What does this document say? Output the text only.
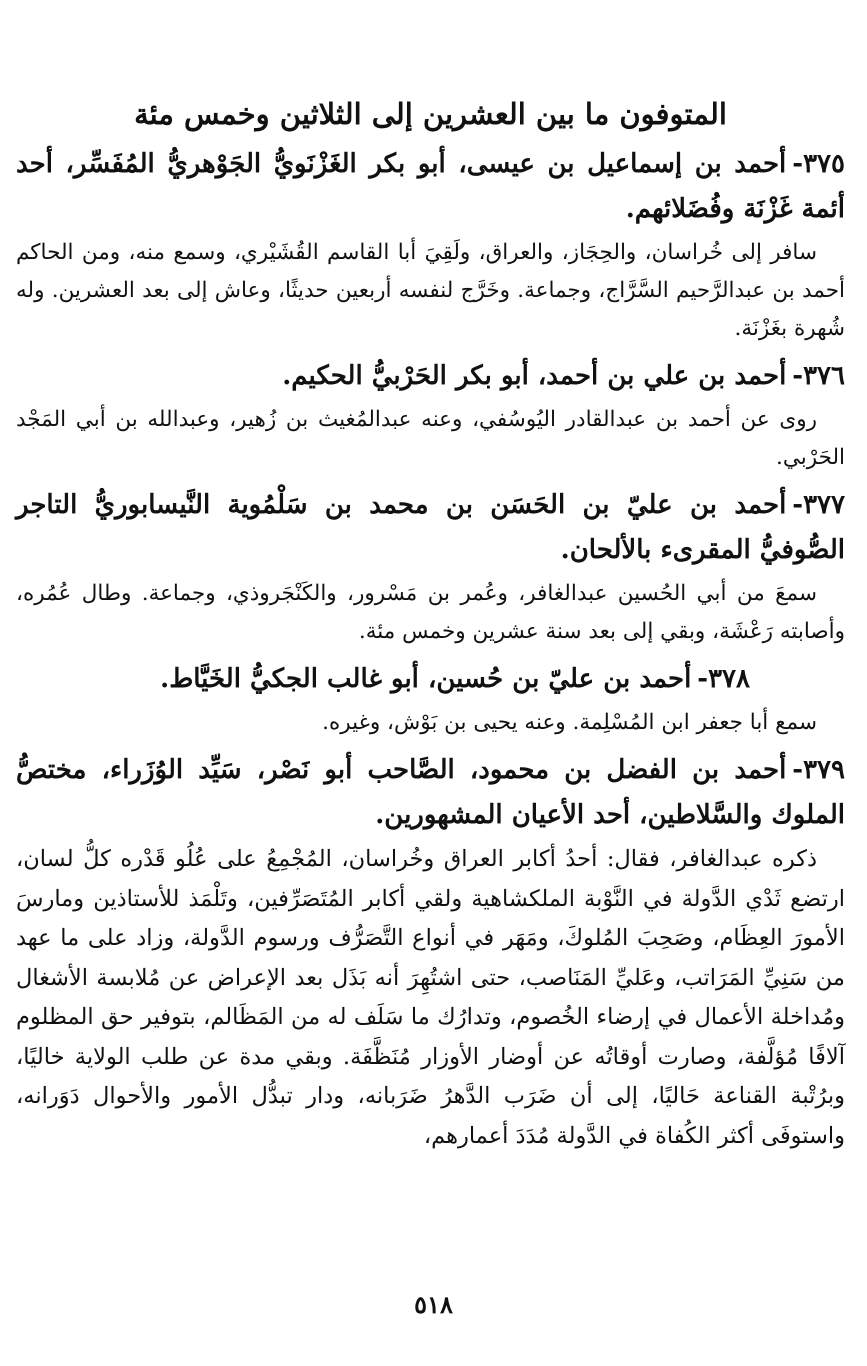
المتوفون ما بين العشرين إلى الثلاثين وخمس مئة

٣٧٥-أحمد بن إسماعيل بن عيسى، أبو بكر الغَزْنَويُّ الجَوْهريُّ المُفَسِّر، أحد أئمة غَزْنَة وفُضَلائهم.

سافر إلى خُراسان، والحِجَاز، والعراق، ولَقِيَ أبا القاسم القُشَيْري، وسمع منه، ومن الحاكم أحمد بن عبدالرَّحيم السَّرَّاج، وجماعة. وخَرَّج لنفسه أربعين حديثًا، وعاش إلى بعد العشرين. وله شُهرة بغَزْنَة.

٣٧٦-أحمد بن علي بن أحمد، أبو بكر الحَرْبيُّ الحكيم.

روى عن أحمد بن عبدالقادر اليُوسُفي، وعنه عبدالمُغيث بن زُهير، وعبدالله بن أبي المَجْد الحَرْبي.

٣٧٧-أحمد بن عليّ بن الحَسَن بن محمد بن سَلْمُوية النَّيسابوريُّ التاجر الصُّوفيُّ المقرىء بالألحان.

سمعَ من أبي الحُسين عبدالغافر، وعُمر بن مَسْرور، والكَنْجَروذي، وجماعة. وطال عُمُره، وأصابته رَعْشَة، وبقي إلى بعد سنة عشرين وخمس مئة.

٣٧٨-أحمد بن عليّ بن حُسين، أبو غالب الجكيُّ الخَيَّاط.

سمع أبا جعفر ابن المُسْلِمة. وعنه يحيى بن بَوْش، وغيره.

٣٧٩-أحمد بن الفضل بن محمود، الصَّاحب أبو نَصْر، سَيِّد الوُزَراء، مختصُّ الملوك والسَّلاطين، أحد الأعيان المشهورين.

ذكره عبدالغافر، فقال: أحدُ أكابر العراق وخُراسان، المُجْمِعُ على عُلُو قَدْره كلُّ لسان، ارتضع ثَدْي الدَّولة في النَّوْبة الملكشاهية ولقي أكابر المُتَصَرِّفين، وتَلْمَذ للأستاذين ومارسَ الأمورَ العِظَام، وصَحِبَ المُلوكَ، ومَهَر في أنواع التَّصَرُّف ورسوم الدَّولة، وزاد على ما عهد من سَنِيِّ المَرَاتب، وعَليِّ المَنَاصب، حتى اشتُهِرَ أنه بَذَل بعد الإعراض عن مُلابسة الأشغال ومُداخلة الأعمال في إرضاء الخُصوم، وتدارُك ما سَلَف له من المَظَالم، بتوفير حق المظلوم آلافًا مُؤلَّفة، وصارت أوقاتُه عن أوضار الأوزار مُنَظَّفَة. وبقي مدة عن طلب الولاية خاليًا، وبرُتْبة القناعة حَاليًا، إلى أن ضَرَب الدَّهرُ ضَرَبانه، ودار تبدُّل الأمور والأحوال دَوَرانه، واستوفَى أكثر الكُفاة في الدَّولة مُدَدَ أعمارهم،

٥١٨
